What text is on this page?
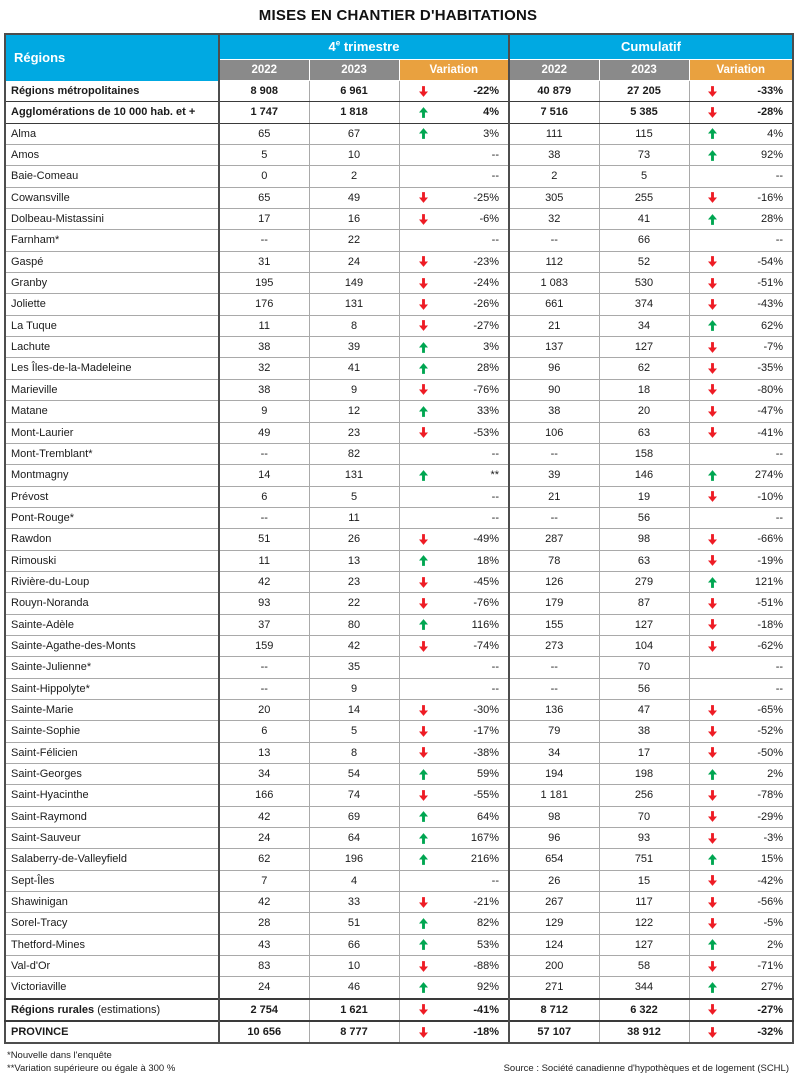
MISES EN CHANTIER D'HABITATIONS
Régions	4e trimestre			Cumulatif		
	2022	2023	Variation	2022	2023	Variation
Régions métropolitaines	8 908	6 961	-22%	40 879	27 205	-33%

Agglomérations de 10 000 hab. et +	1 747	1 818	4%	7 516	5 385	-28%

Alma	65	67	3%	111	115	4%

Amos	5	10	--	38	73	92%

Baie-Comeau	0	2	--	2	5	--

Cowansville	65	49	-25%	305	255	-16%

Dolbeau-Mistassini	17	16	-6%	32	41	28%

Farnham*	--	22	--	--	66	--

Gaspé	31	24	-23%	112	52	-54%

Granby	195	149	-24%	1 083	530	-51%

Joliette	176	131	-26%	661	374	-43%

La Tuque	11	8	-27%	21	34	62%

Lachute	38	39	3%	137	127	-7%

Les Îles-de-la-Madeleine	32	41	28%	96	62	-35%

Marieville	38	9	-76%	90	18	-80%

Matane	9	12	33%	38	20	-47%

Mont-Laurier	49	23	-53%	106	63	-41%

Mont-Tremblant*	--	82	--	--	158	--

Montmagny	14	131	**	39	146	274%

Prévost	6	5	--	21	19	-10%

Pont-Rouge*	--	11	--	--	56	--

Rawdon	51	26	-49%	287	98	-66%

Rimouski	11	13	18%	78	63	-19%

Rivière-du-Loup	42	23	-45%	126	279	121%

Rouyn-Noranda	93	22	-76%	179	87	-51%

Sainte-Adèle	37	80	116%	155	127	-18%

Sainte-Agathe-des-Monts	159	42	-74%	273	104	-62%

Sainte-Julienne*	--	35	--	--	70	--

Saint-Hippolyte*	--	9	--	--	56	--

Sainte-Marie	20	14	-30%	136	47	-65%

Sainte-Sophie	6	5	-17%	79	38	-52%

Saint-Félicien	13	8	-38%	34	17	-50%

Saint-Georges	34	54	59%	194	198	2%

Saint-Hyacinthe	166	74	-55%	1 181	256	-78%

Saint-Raymond	42	69	64%	98	70	-29%

Saint-Sauveur	24	64	167%	96	93	-3%

Salaberry-de-Valleyfield	62	196	216%	654	751	15%

Sept-Îles	7	4	--	26	15	-42%

Shawinigan	42	33	-21%	267	117	-56%

Sorel-Tracy	28	51	82%	129	122	-5%

Thetford-Mines	43	66	53%	124	127	2%

Val-d'Or	83	10	-88%	200	58	-71%

Victoriaville	24	46	92%	271	344	27%

Régions rurales (estimations)	2 754	1 621	-41%	8 712	6 322	-27%

PROVINCE	10 656	8 777	-18%	57 107	38 912	-32%
*Nouvelle dans l'enquête
**Variation supérieure ou égale à 300 %	Source : Société canadienne d'hypothèques et de logement (SCHL)
